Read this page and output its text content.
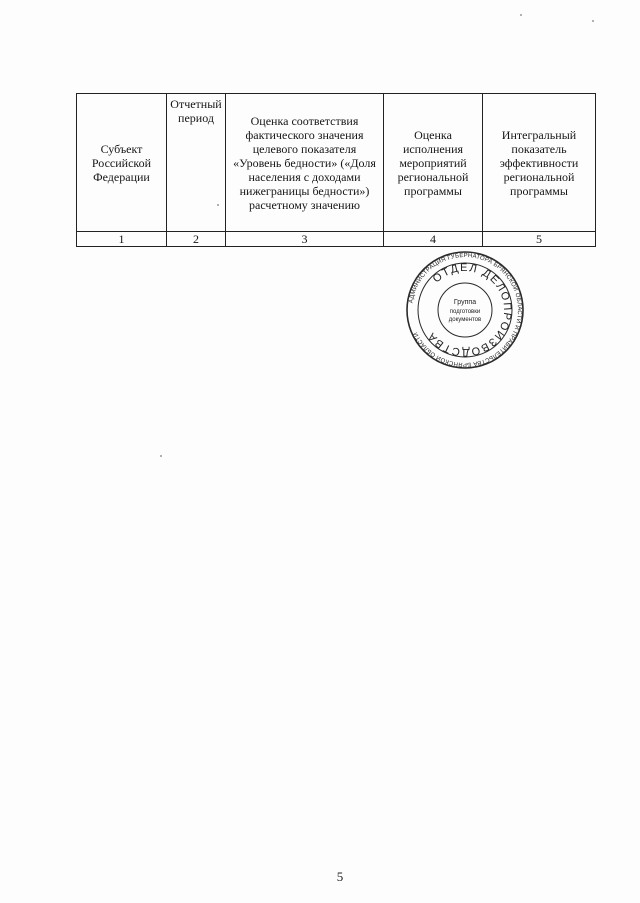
Субъект Российской Федерации	Отчетный период	Оценка соответствия фактического значения целевого показателя «Уровень бедности» («Доля населения с доходами нижеграницы бедности») расчетному значению	Оценка исполнения мероприятий региональной программы	Интегральный показатель эффективности региональной программы
1	2	3	4	5
АДМИНИСТРАЦИЯ ГУБЕРНАТОРА БРЯНСКОЙ ОБЛАСТИ И ПРАВИТЕЛЬСТВА БРЯНСКОЙ ОБЛАСТИ
ОТДЕЛ ДЕЛОПРОИЗВОДСТВА
Группа
подготовки
документов
5
